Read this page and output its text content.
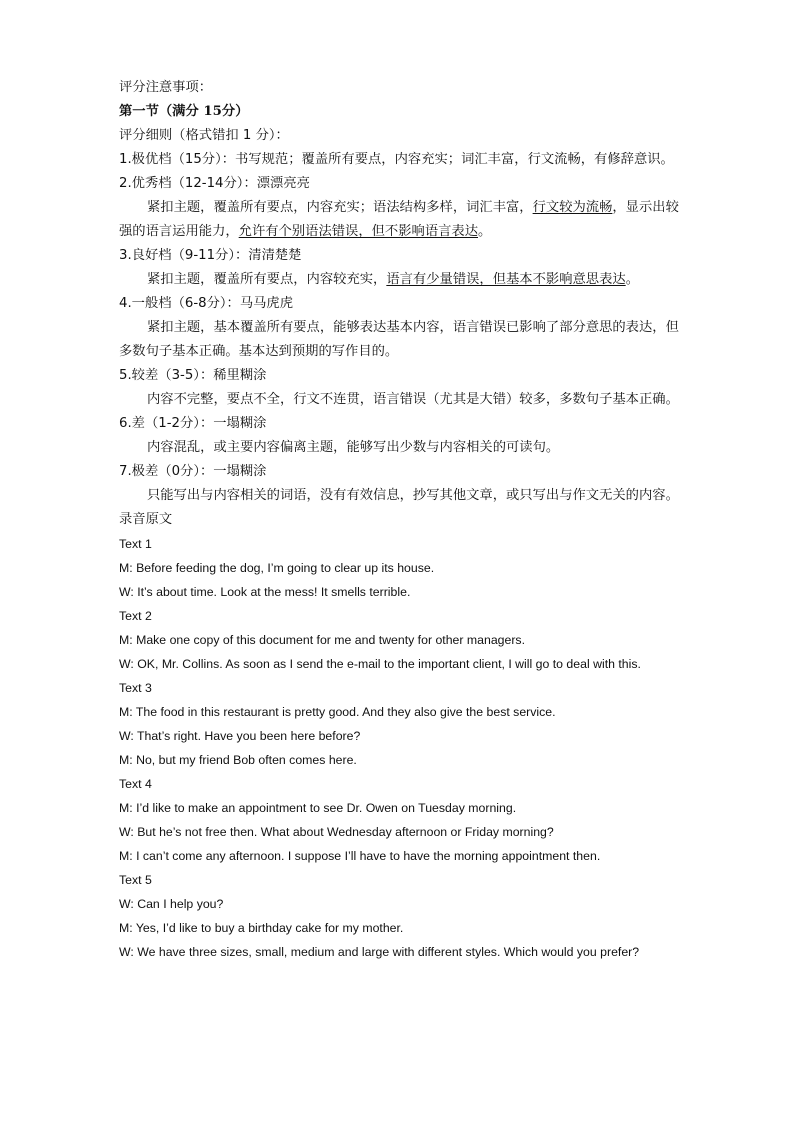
评分注意事项：
第一节（满分 15分）
评分细则（格式错扣 1 分）：
1.极优档（15分）：书写规范；覆盖所有要点，内容充实；词汇丰富，行文流畅，有修辞意识。
2.优秀档（12-14分）：漂漂亮亮
紧扣主题，覆盖所有要点，内容充实；语法结构多样，词汇丰富，行文较为流畅，显示出较强的语言运用能力，允许有个别语法错误，但不影响语言表达。
3.良好档（9-11分）：清清楚楚
紧扣主题，覆盖所有要点，内容较充实，语言有少量错误，但基本不影响意思表达。
4.一般档（6-8分）：马马虎虎
紧扣主题，基本覆盖所有要点，能够表达基本内容，语言错误已影响了部分意思的表达，但多数句子基本正确。基本达到预期的写作目的。
5.较差（3-5）：稀里糊涂
内容不完整，要点不全，行文不连贯，语言错误（尤其是大错）较多，多数句子基本正确。
6.差（1-2分）：一塌糊涂
内容混乱，或主要内容偏离主题，能够写出少数与内容相关的可读句。
7.极差（0分）：一塌糊涂
只能写出与内容相关的词语，没有有效信息，抄写其他文章，或只写出与作文无关的内容。
录音原文
Text 1
M: Before feeding the dog, I’m going to clear up its house.
W: It’s about time. Look at the mess! It smells terrible.
Text 2
M: Make one copy of this document for me and twenty for other managers.
W: OK, Mr. Collins. As soon as I send the e-mail to the important client, I will go to deal with this.
Text 3
M: The food in this restaurant is pretty good. And they also give the best service.
W: That’s right. Have you been here before?
M: No, but my friend Bob often comes here.
Text 4
M: I’d like to make an appointment to see Dr. Owen on Tuesday morning.
W: But he’s not free then. What about Wednesday afternoon or Friday morning?
M: I can’t come any afternoon. I suppose I’ll have to have the morning appointment then.
Text 5
W: Can I help you?
M: Yes, I’d like to buy a birthday cake for my mother.
W: We have three sizes, small, medium and large with different styles. Which would you prefer?
